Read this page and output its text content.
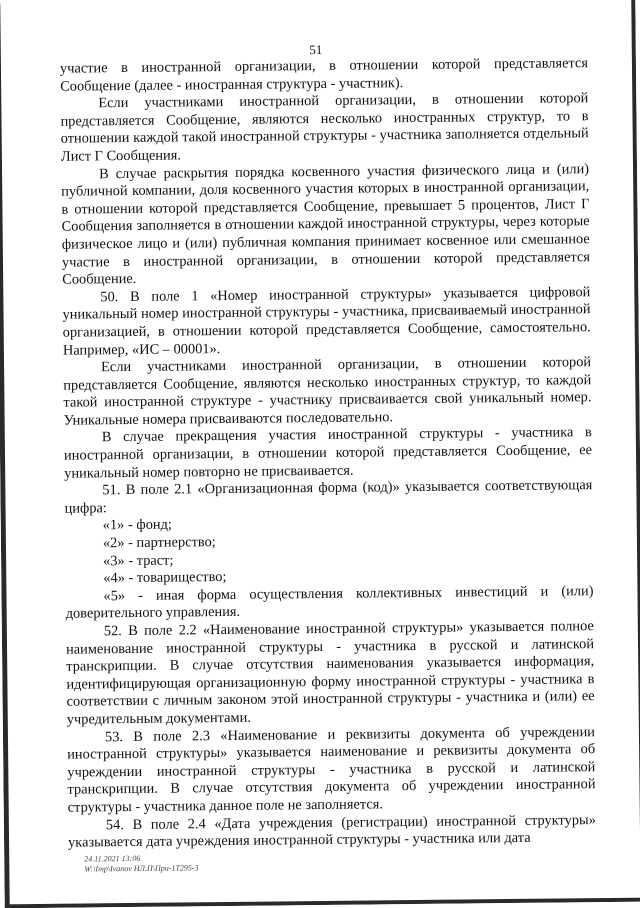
51

участие в иностранной организации, в отношении которой представляется Сообщение (далее - иностранная структура - участник).

Если участниками иностранной организации, в отношении которой представляется Сообщение, являются несколько иностранных структур, то в отношении каждой такой иностранной структуры - участника заполняется отдельный Лист Г Сообщения.

В случае раскрытия порядка косвенного участия физического лица и (или) публичной компании, доля косвенного участия которых в иностранной организации, в отношении которой представляется Сообщение, превышает 5 процентов, Лист Г Сообщения заполняется в отношении каждой иностранной структуры, через которые физическое лицо и (или) публичная компания принимает косвенное или смешанное участие в иностранной организации, в отношении которой представляется Сообщение.

50. В поле 1 «Номер иностранной структуры» указывается цифровой уникальный номер иностранной структуры - участника, присваиваемый иностранной организацией, в отношении которой представляется Сообщение, самостоятельно. Например, «ИС – 00001».

Если участниками иностранной организации, в отношении которой представляется Сообщение, являются несколько иностранных структур, то каждой такой иностранной структуре - участнику присваивается свой уникальный номер. Уникальные номера присваиваются последовательно.

В случае прекращения участия иностранной структуры - участника в иностранной организации, в отношении которой представляется Сообщение, ее уникальный номер повторно не присваивается.

51. В поле 2.1 «Организационная форма (код)» указывается соответствующая цифра:

«1» - фонд;

«2» - партнерство;

«3» - траст;

«4» - товарищество;

«5» - иная форма осуществления коллективных инвестиций и (или) доверительного управления.

52. В поле 2.2 «Наименование иностранной структуры» указывается полное наименование иностранной структуры - участника в русской и латинской транскрипции. В случае отсутствия наименования указывается информация, идентифицирующая организационную форму иностранной структуры - участника в соответствии с личным законом этой иностранной структуры - участника и (или) ее учредительным документами.

53. В поле 2.3 «Наименование и реквизиты документа об учреждении иностранной структуры» указывается наименование и реквизиты документа об учреждении иностранной структуры - участника в русской и латинской транскрипции. В случае отсутствия документа об учреждении иностранной структуры - участника данное поле не заполняется.

54. В поле 2.4 «Дата учреждения (регистрации) иностранной структуры» указывается дата учреждения иностранной структуры - участника или дата

24.11.2021 13:06
W:\Imp\Ivanov НЛ.П\При-1Т295-3
